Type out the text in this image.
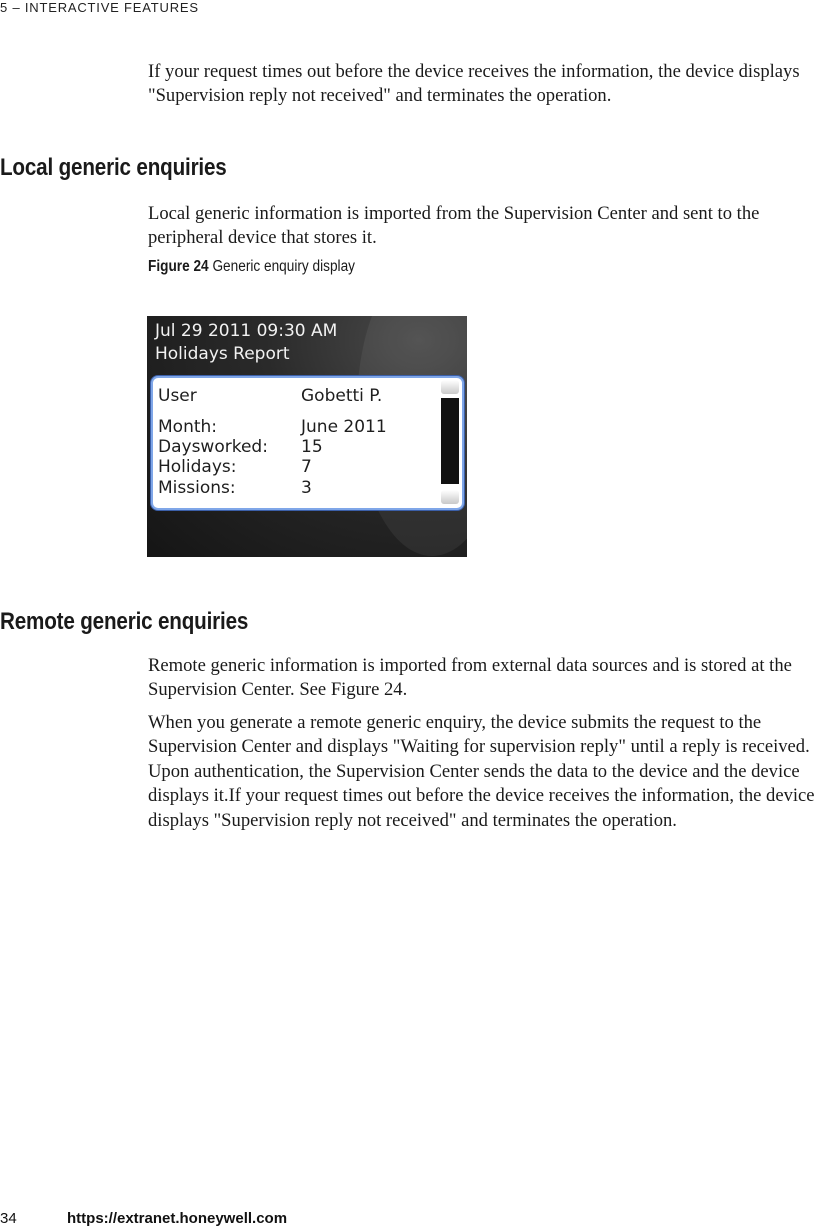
5 – INTERACTIVE FEATURES
If your request times out before the device receives the information, the device displays "Supervision reply not received" and terminates the operation.
Local generic enquiries
Local generic information is imported from the Supervision Center and sent to the peripheral device that stores it.
Figure 24 Generic enquiry display
Jul 29 2011 09:30 AM
Holidays Report
User	Gobetti P.
Month:	June 2011
Daysworked: 15
Holidays:	7
Missions:	3
Remote generic enquiries
Remote generic information is imported from external data sources and is stored at the Supervision Center. See Figure 24.
When you generate a remote generic enquiry, the device submits the request to the Supervision Center and displays "Waiting for supervision reply" until a reply is received. Upon authentication, the Supervision Center sends the data to the device and the device displays it.If your request times out before the device receives the information, the device displays "Supervision reply not received" and terminates the operation.
34	https://extranet.honeywell.com
